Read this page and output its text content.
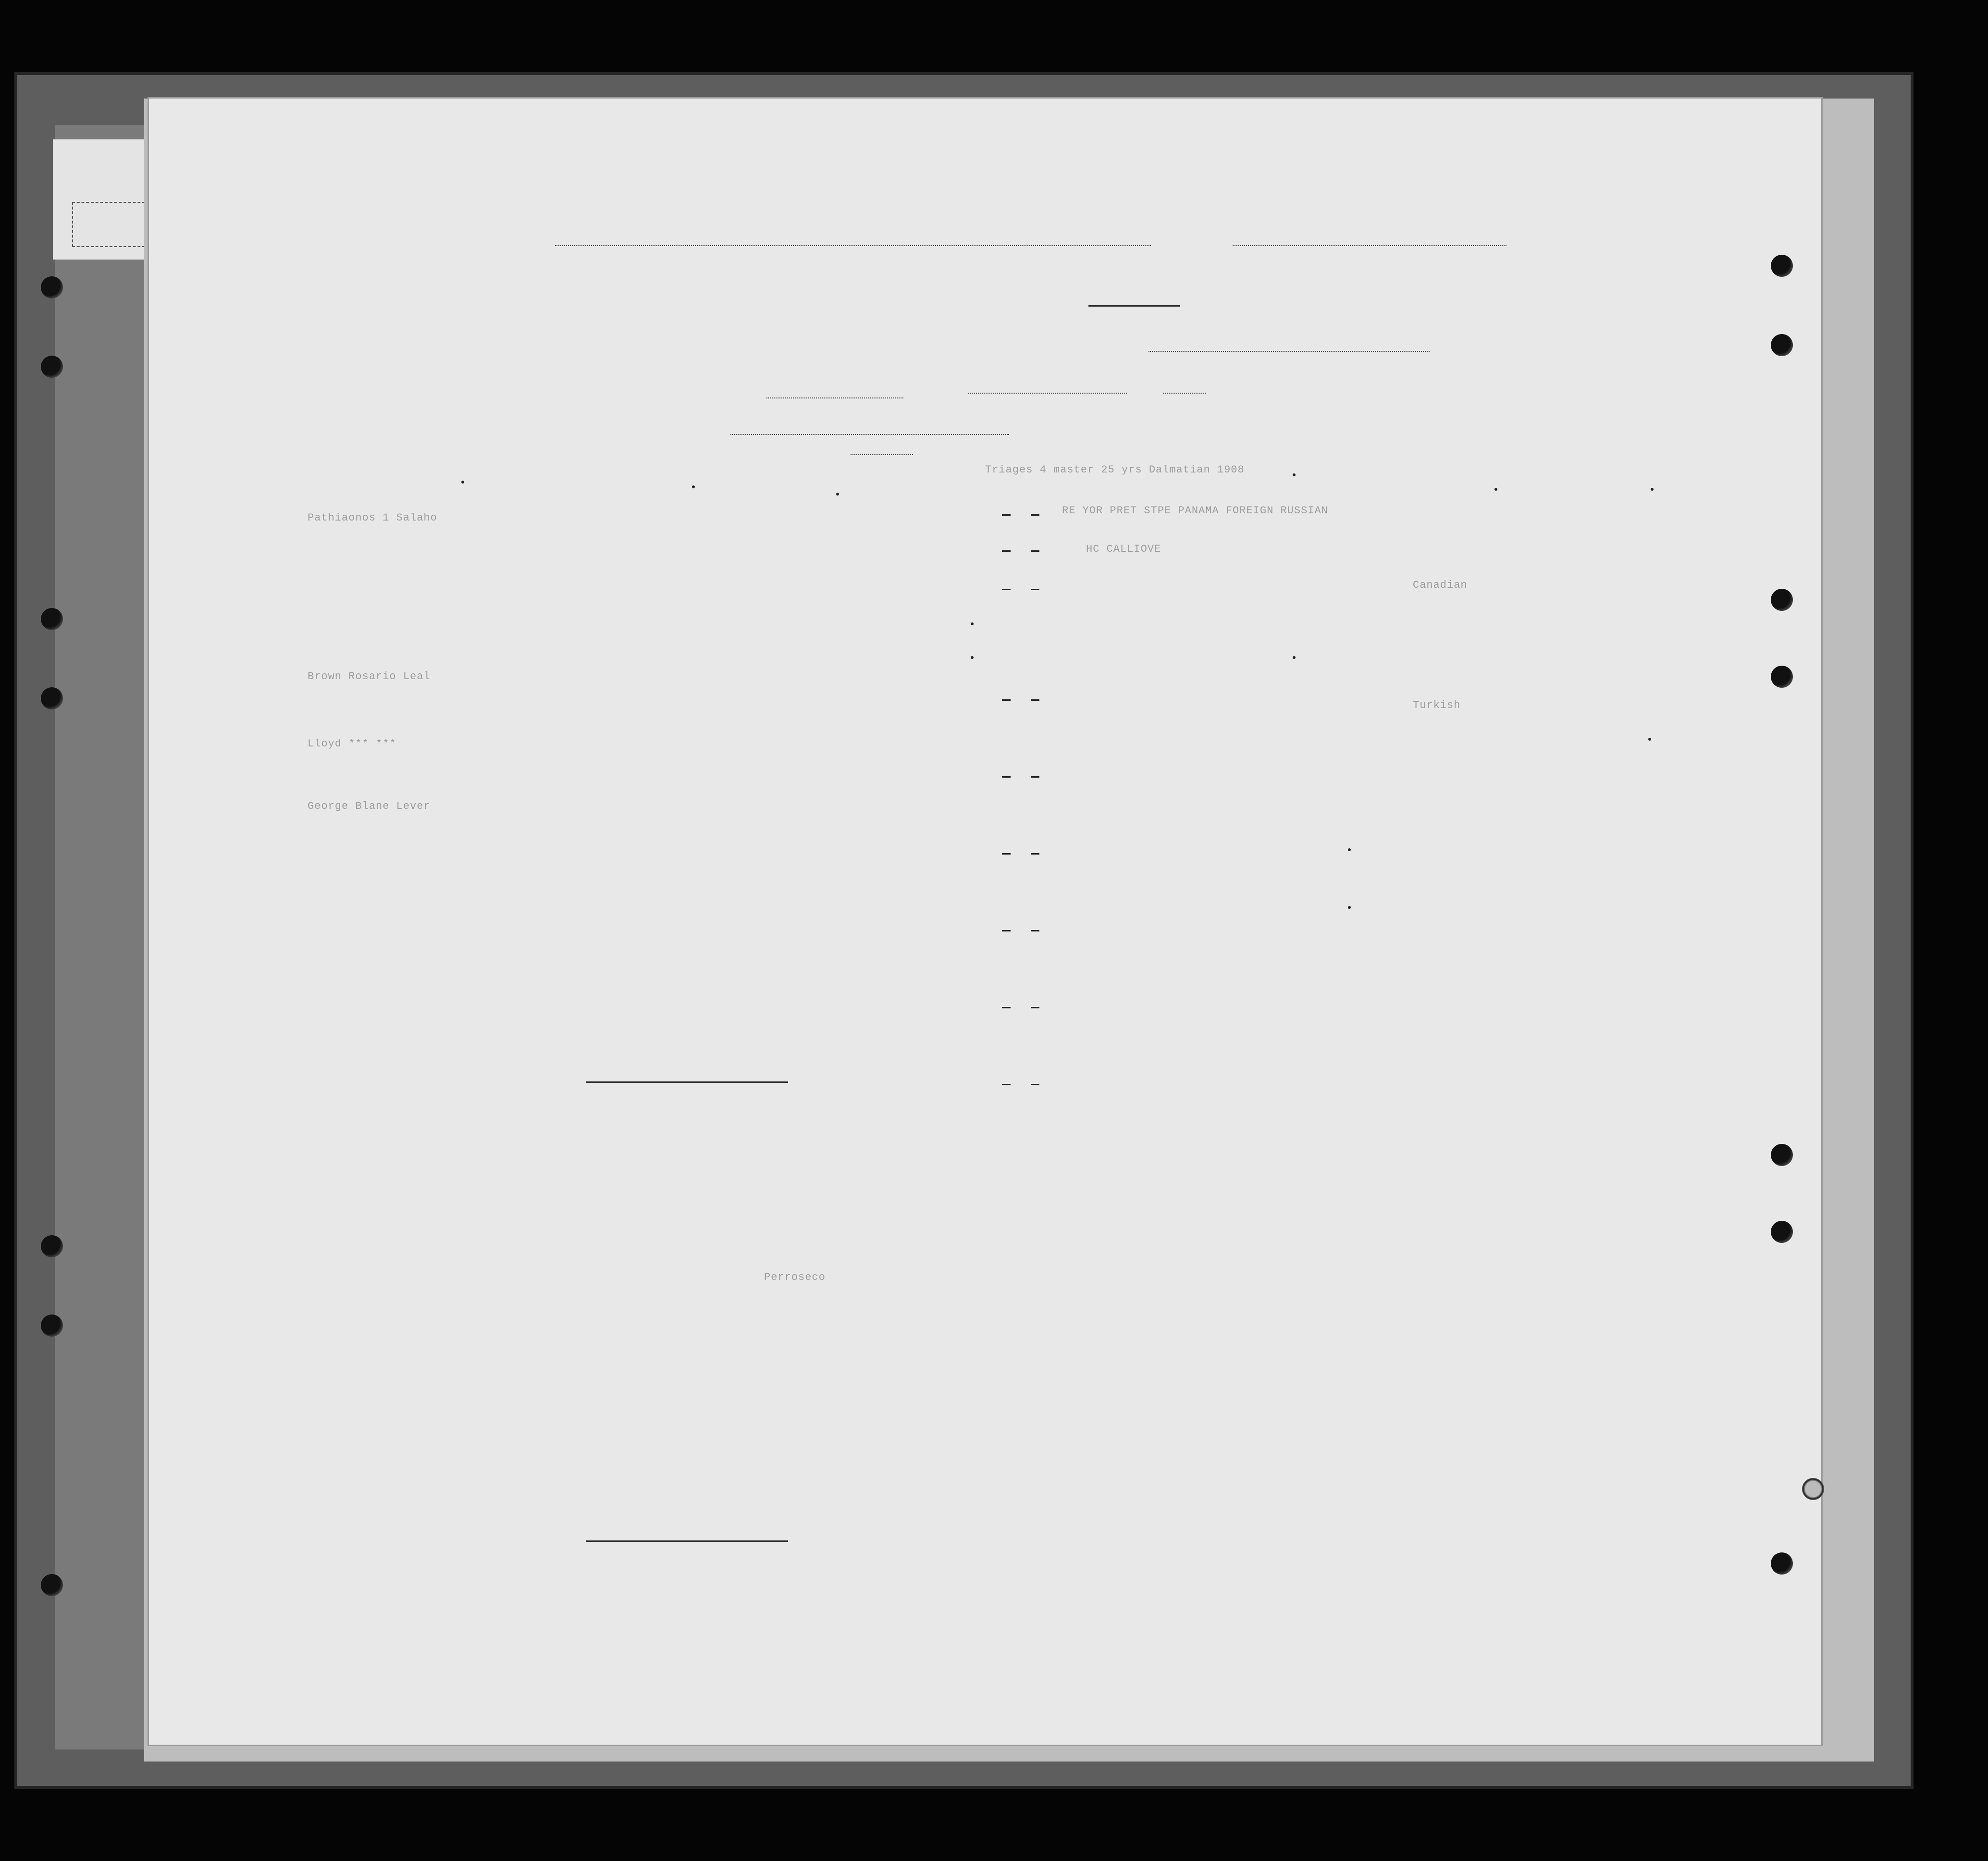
Triages 4 master 25 yrs Dalmatian 1908
RE YOR PRET STPE PANAMA FOREIGN RUSSIAN
HC CALLIOVE
Pathiaonos 1 Salaho
Brown Rosario Leal
Lloyd *** ***
George Blane Lever
Perroseco
Canadian
Turkish
